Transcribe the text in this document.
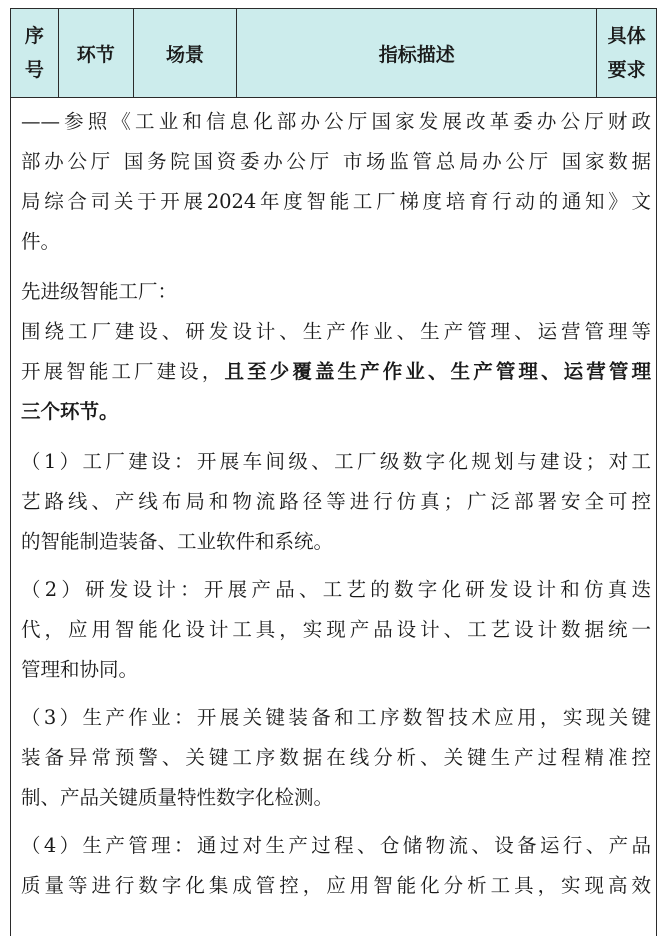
序
号
环节	场景	指标描述
具体
要求
——参照《工业和信息化部办公厅国家发展改革委办公厅财政
部办公厅 国务院国资委办公厅 市场监管总局办公厅 国家数据
局综合司关于开展2024年度智能工厂梯度培育行动的通知》文
件。
先进级智能工厂：
围绕工厂建设、研发设计、生产作业、生产管理、运营管理等
开展智能工厂建设，且至少覆盖生产作业、生产管理、运营管理
三个环节。
（1）工厂建设：开展车间级、工厂级数字化规划与建设；对工
艺路线、产线布局和物流路径等进行仿真；广泛部署安全可控
的智能制造装备、工业软件和系统。
（2）研发设计：开展产品、工艺的数字化研发设计和仿真迭
代，应用智能化设计工具，实现产品设计、工艺设计数据统一
管理和协同。
（3）生产作业：开展关键装备和工序数智技术应用，实现关键
装备异常预警、关键工序数据在线分析、关键生产过程精准控
制、产品关键质量特性数字化检测。
（4）生产管理：通过对生产过程、仓储物流、设备运行、产品
质量等进行数字化集成管控，应用智能化分析工具，实现高效
